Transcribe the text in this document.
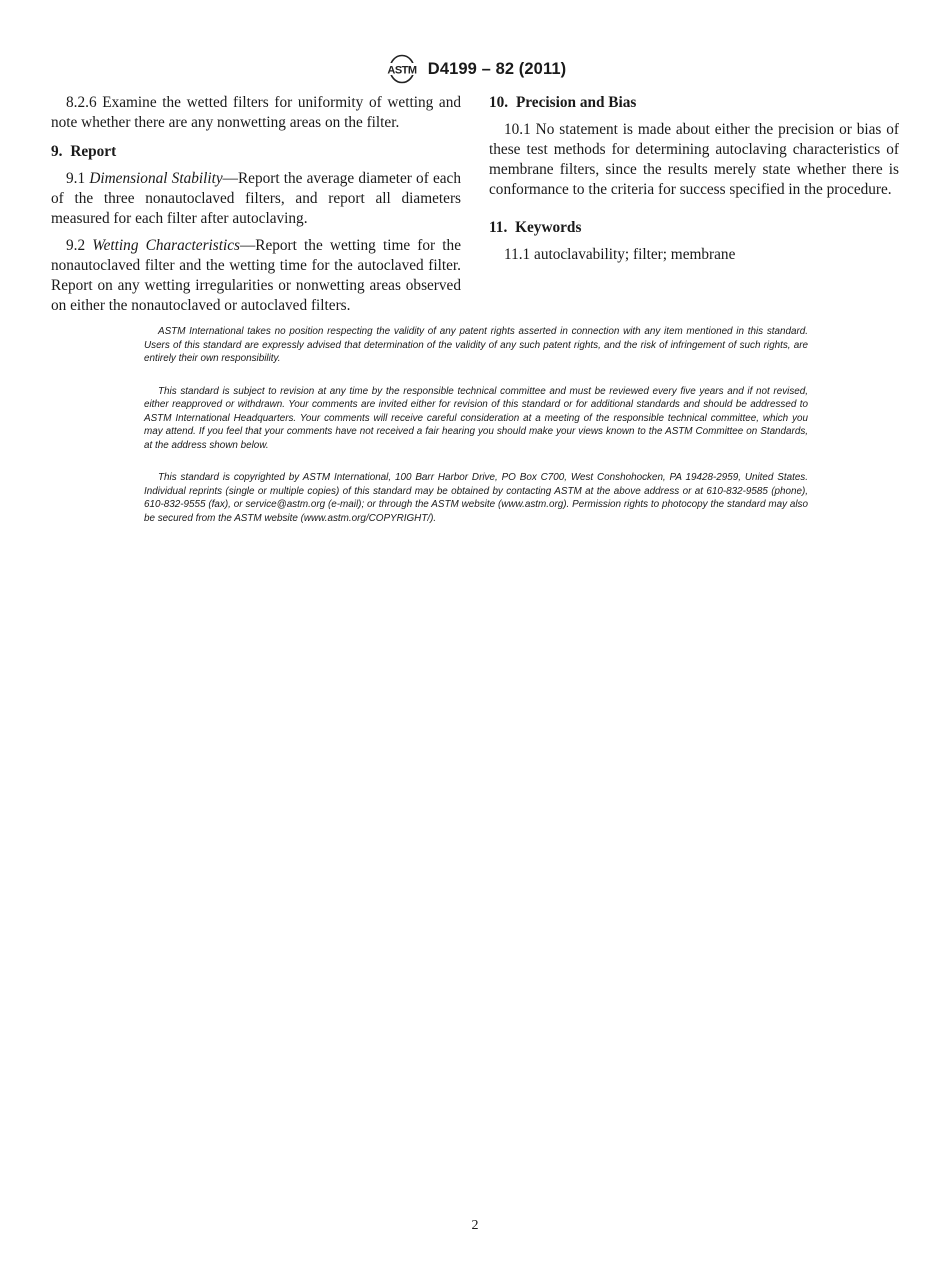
ASTM D4199 – 82 (2011)

8.2.6 Examine the wetted filters for uniformity of wetting and note whether there are any nonwetting areas on the filter.

9. Report

9.1 Dimensional Stability—Report the average diameter of each of the three nonautoclaved filters, and report all diameters measured for each filter after autoclaving.

9.2 Wetting Characteristics—Report the wetting time for the nonautoclaved filter and the wetting time for the autoclaved filter. Report on any wetting irregularities or nonwetting areas observed on either the nonautoclaved or autoclaved filters.

10. Precision and Bias

10.1 No statement is made about either the precision or bias of these test methods for determining autoclaving characteristics of membrane filters, since the results merely state whether there is conformance to the criteria for success specified in the procedure.

11. Keywords

11.1 autoclavability; filter; membrane

ASTM International takes no position respecting the validity of any patent rights asserted in connection with any item mentioned in this standard. Users of this standard are expressly advised that determination of the validity of any such patent rights, and the risk of infringement of such rights, are entirely their own responsibility.

This standard is subject to revision at any time by the responsible technical committee and must be reviewed every five years and if not revised, either reapproved or withdrawn. Your comments are invited either for revision of this standard or for additional standards and should be addressed to ASTM International Headquarters. Your comments will receive careful consideration at a meeting of the responsible technical committee, which you may attend. If you feel that your comments have not received a fair hearing you should make your views known to the ASTM Committee on Standards, at the address shown below.

This standard is copyrighted by ASTM International, 100 Barr Harbor Drive, PO Box C700, West Conshohocken, PA 19428-2959, United States. Individual reprints (single or multiple copies) of this standard may be obtained by contacting ASTM at the above address or at 610-832-9585 (phone), 610-832-9555 (fax), or service@astm.org (e-mail); or through the ASTM website (www.astm.org). Permission rights to photocopy the standard may also be secured from the ASTM website (www.astm.org/COPYRIGHT/).

2
